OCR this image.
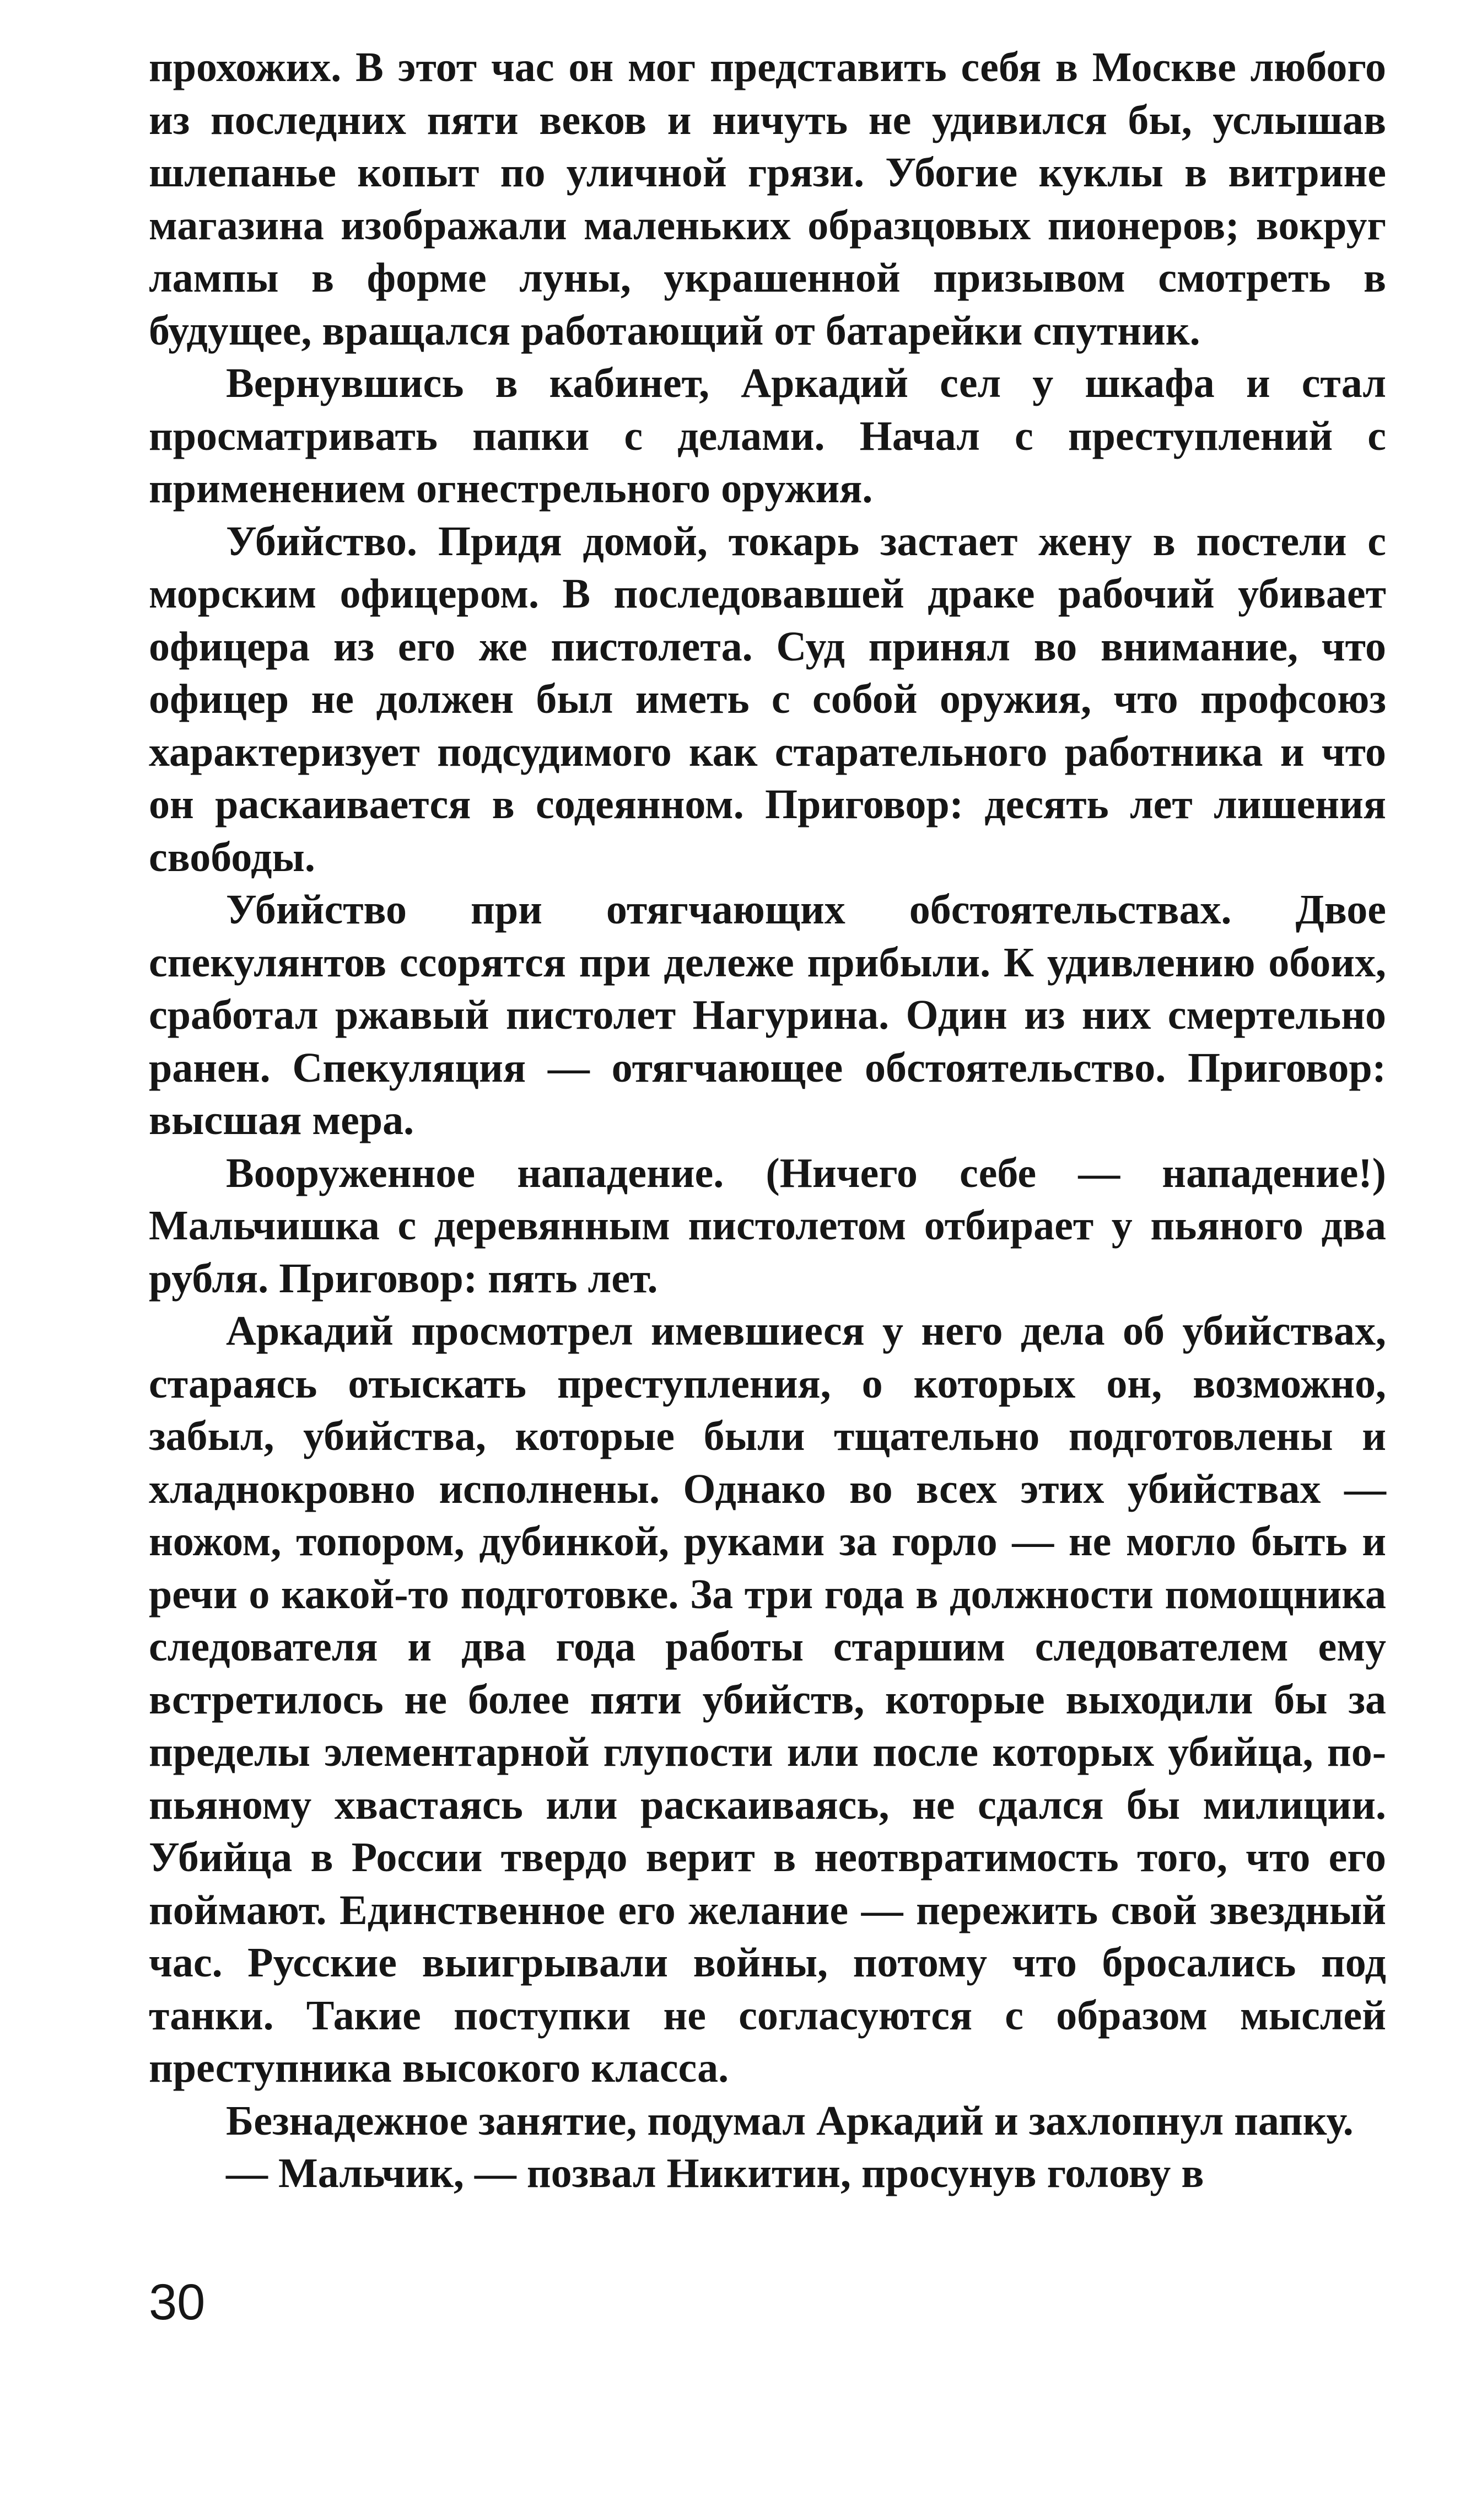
прохожих. В этот час он мог представить себя в Москве любого из последних пяти веков и ничуть не удивился бы, услышав шлепанье копыт по уличной грязи. Убогие куклы в витрине магазина изображали маленьких образцовых пионеров; вокруг лампы в форме луны, украшенной призывом смотреть в будущее, вращался работающий от батарейки спутник.

Вернувшись в кабинет, Аркадий сел у шкафа и стал просматривать папки с делами. Начал с преступлений с применением огнестрельного оружия.

Убийство. Придя домой, токарь застает жену в постели с морским офицером. В последовавшей драке рабочий убивает офицера из его же пистолета. Суд принял во внимание, что офицер не должен был иметь с собой оружия, что профсоюз характеризует подсудимого как старательного работника и что он раскаивается в содеянном. Приговор: десять лет лишения свободы.

Убийство при отягчающих обстоятельствах. Двое спекулянтов ссорятся при дележе прибыли. К удивлению обоих, сработал ржавый пистолет Нагурина. Один из них смертельно ранен. Спекуляция — отягчающее обстоятельство. Приговор: высшая мера.

Вооруженное нападение. (Ничего себе — нападение!) Мальчишка с деревянным пистолетом отбирает у пьяного два рубля. Приговор: пять лет.

Аркадий просмотрел имевшиеся у него дела об убийствах, стараясь отыскать преступления, о которых он, возможно, забыл, убийства, которые были тщательно подготовлены и хладнокровно исполнены. Однако во всех этих убийствах — ножом, топором, дубинкой, руками за горло — не могло быть и речи о какой-то подготовке. За три года в должности помощника следователя и два года работы старшим следователем ему встретилось не более пяти убийств, которые выходили бы за пределы элементарной глупости или после которых убийца, по-пьяному хвастаясь или раскаиваясь, не сдался бы милиции. Убийца в России твердо верит в неотвратимость того, что его поймают. Единственное его желание — пережить свой звездный час. Русские выигрывали войны, потому что бросались под танки. Такие поступки не согласуются с образом мыслей преступника высокого класса.

Безнадежное занятие, подумал Аркадий и захлопнул папку.

— Мальчик, — позвал Никитин, просунув голову в

30
